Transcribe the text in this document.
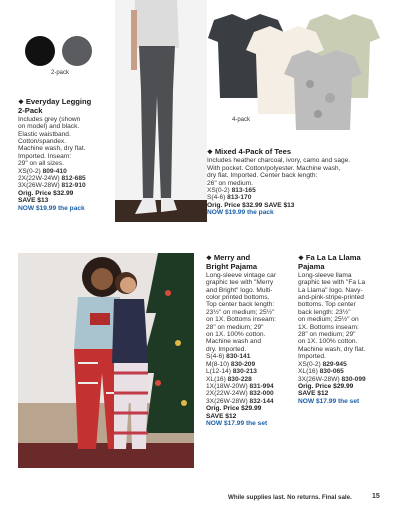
2-pack
4-pack
❖ Everyday Legging
2-Pack
Includes grey (shown
on model) and black.
Elastic waistband.
Cotton/spandex.
Machine wash, dry flat.
Imported. Inseam:
29" on all sizes.
XS(0-2) 809-410
2X(22W-24W) 812-685
3X(26W-28W) 812-910
Orig. Price $32.99
SAVE $13
NOW $19.99 the pack
❖ Mixed 4-Pack of Tees
Includes heather charcoal, ivory, camo and sage.
With pocket. Cotton/polyester. Machine wash,
dry flat. Imported. Center back length:
26" on medium.
XS(0-2) 813-165
S(4-6) 813-170
Orig. Price $32.99 SAVE $13
NOW $19.99 the pack
❖ Merry and
Bright Pajama
Long-sleeve vintage car
graphic tee with "Merry
and Bright" logo. Multi-
color printed bottoms.
Top center back length:
23½" on medium; 25½"
on 1X. Bottoms inseam:
28" on medium; 29"
on 1X. 100% cotton.
Machine wash and
dry. Imported.
S(4-6) 830-141
M(8-10) 830-209
L(12-14) 830-213
XL(16) 830-228
1X(18W-20W) 831-994
2X(22W-24W) 832-000
3X(26W-28W) 832-144
Orig. Price $29.99
SAVE $12
NOW $17.99 the set
❖ Fa La La Llama
Pajama
Long-sleeve llama
graphic tee with "Fa La
La Llama" logo. Navy-
and-pink-stripe-printed
bottoms. Top center
back length: 23½"
on medium; 25½" on
1X. Bottoms inseam:
28" on medium; 29"
on 1X. 100% cotton.
Machine wash, dry flat.
Imported.
XS(0-2) 829-945
XL(16) 830-065
3X(26W-28W) 830-099
Orig. Price $29.99
SAVE $12
NOW $17.99 the set
While supplies last. No returns. Final sale.	15
